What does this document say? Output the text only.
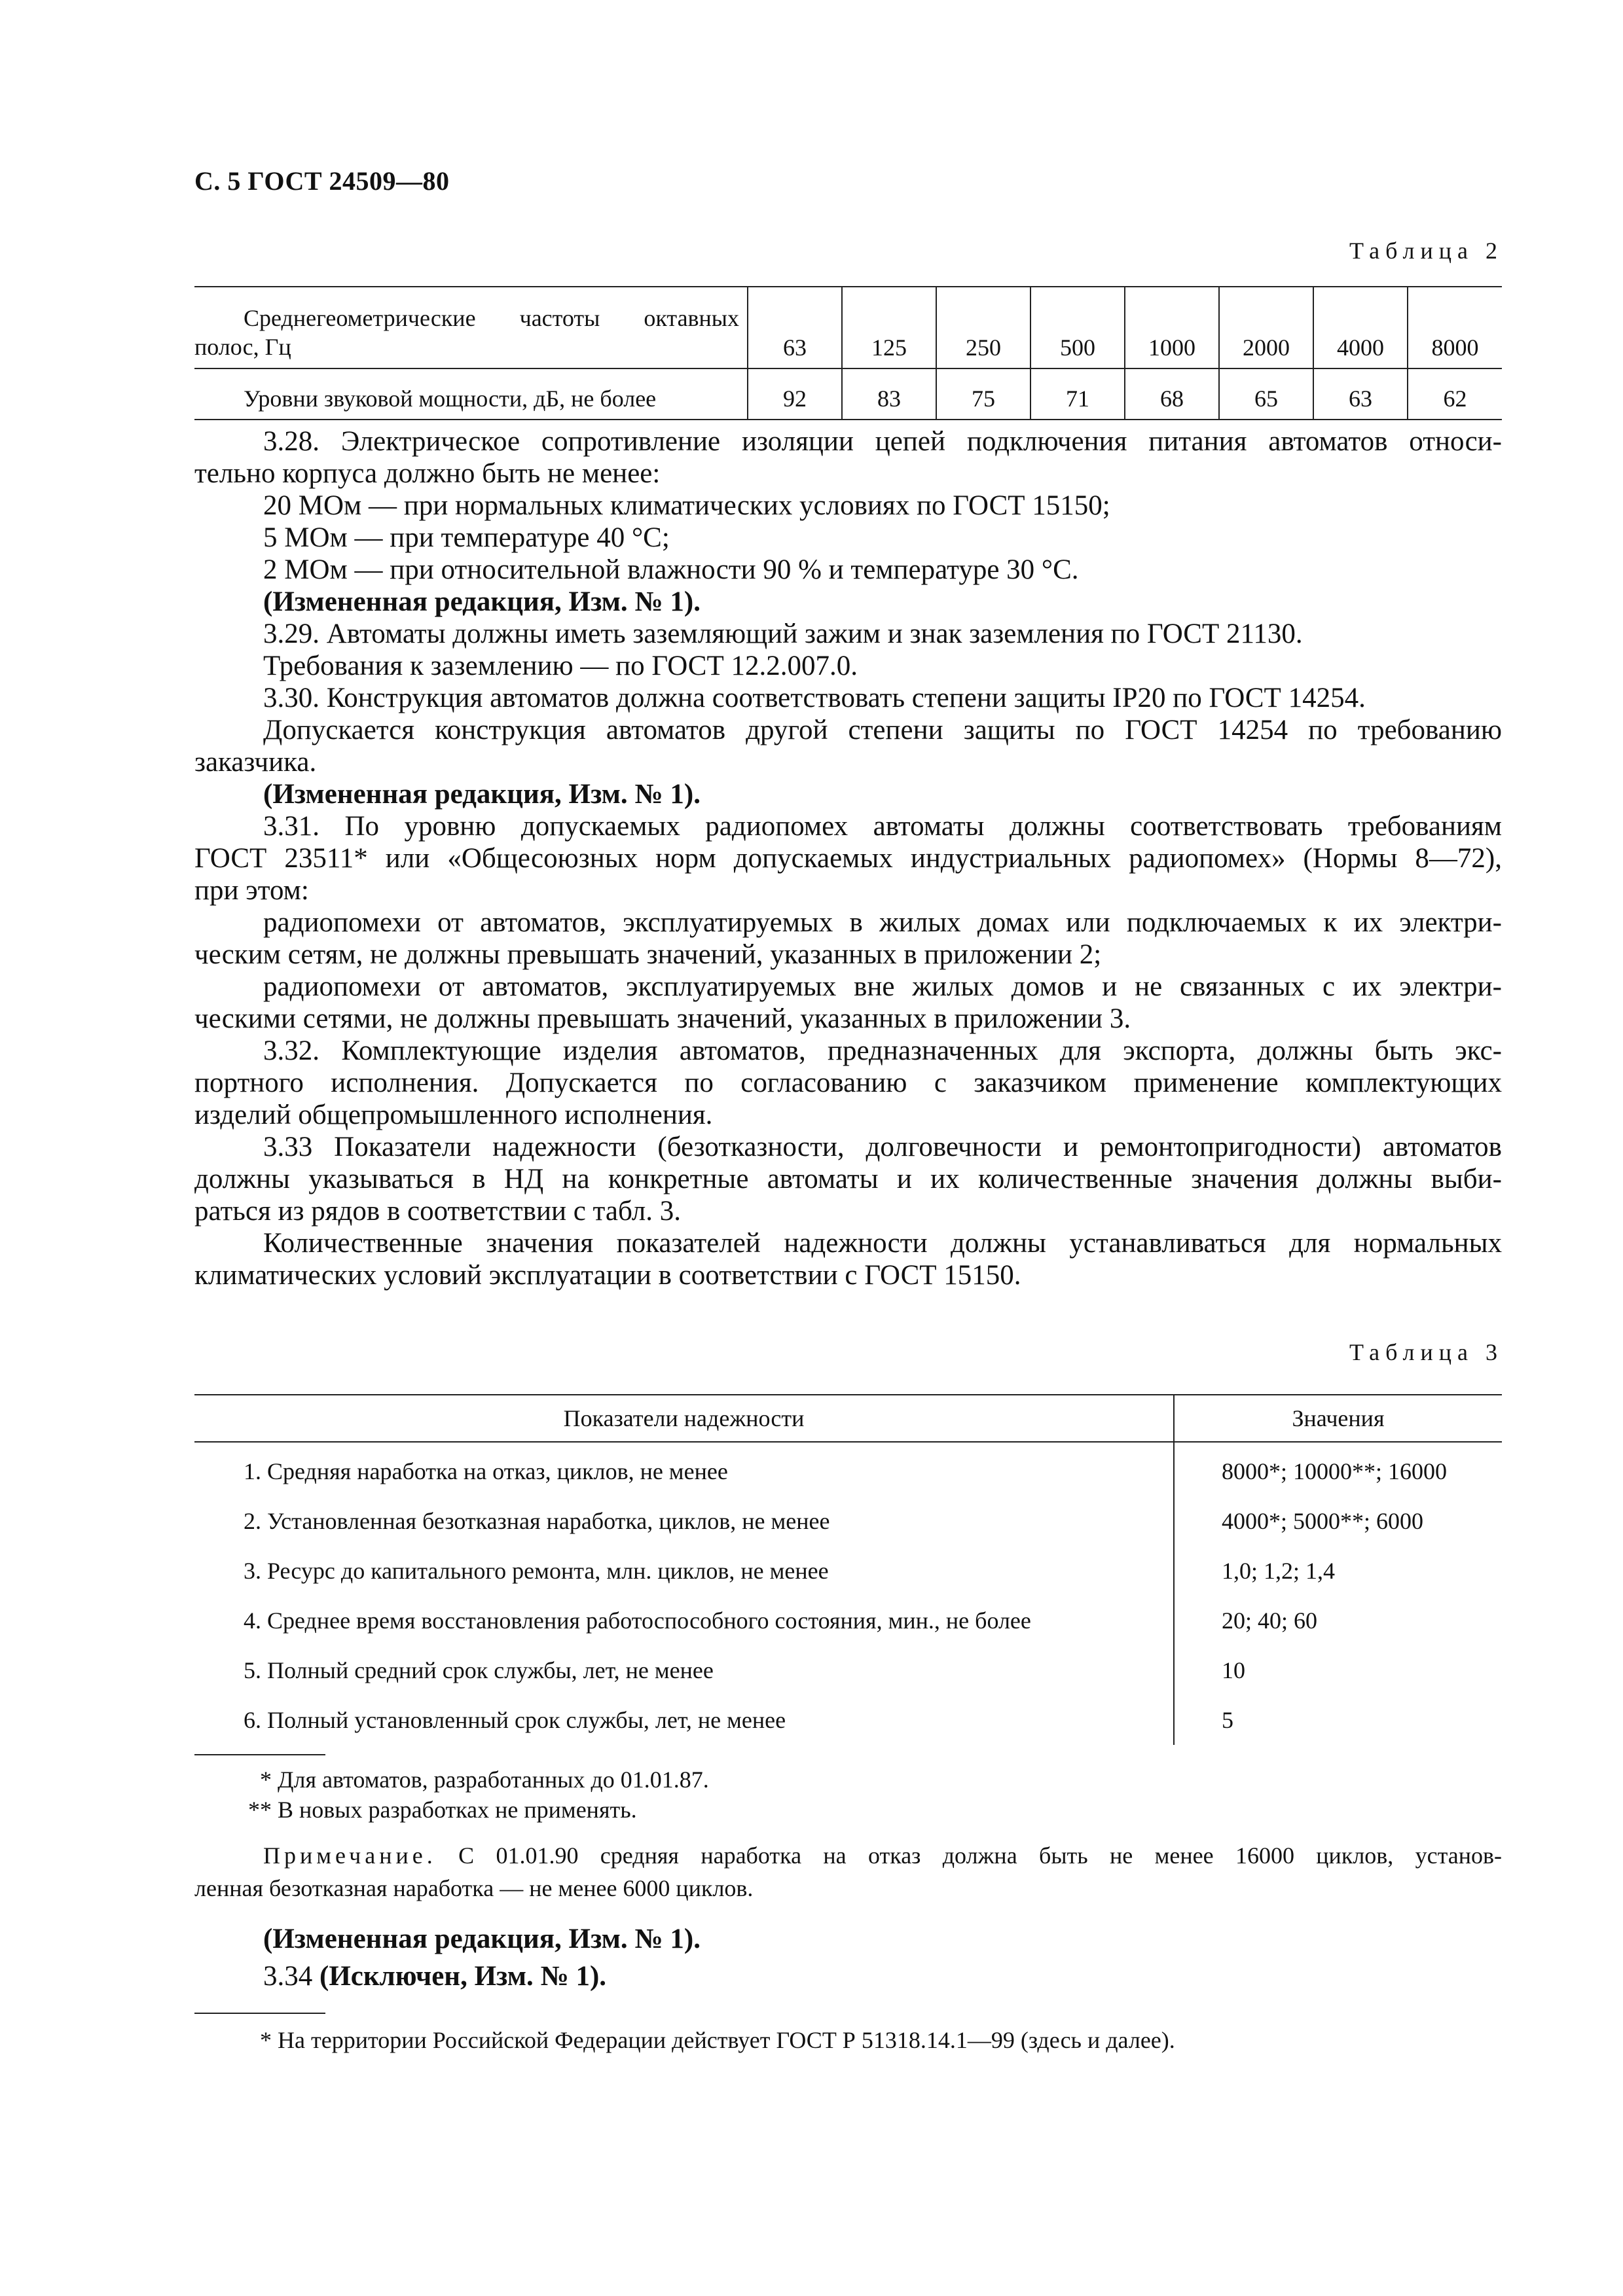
С. 5 ГОСТ 24509—80
Таблица 2
Среднегеометрические частоты октавных
полос, Гц	63	125	250	500	1000	2000	4000	8000
Уровни звуковой мощности, дБ, не более	92	83	75	71	68	65	63	62
3.28. Электрическое сопротивление изоляции цепей подключения питания автоматов относи-
тельно корпуса должно быть не менее:
20 МОм — при нормальных климатических условиях по ГОСТ 15150;
5 МОм — при температуре 40 °С;
2 МОм — при относительной влажности 90 % и температуре 30 °С.
(Измененная редакция, Изм. № 1).
3.29. Автоматы должны иметь заземляющий зажим и знак заземления по ГОСТ 21130.
Требования к заземлению — по ГОСТ 12.2.007.0.
3.30. Конструкция автоматов должна соответствовать степени защиты IP20 по ГОСТ 14254.
Допускается конструкция автоматов другой степени защиты по ГОСТ 14254 по требованию
заказчика.
(Измененная редакция, Изм. № 1).
3.31. По уровню допускаемых радиопомех автоматы должны соответствовать требованиям
ГОСТ 23511* или «Общесоюзных норм допускаемых индустриальных радиопомех» (Нормы 8—72),
при этом:
радиопомехи от автоматов, эксплуатируемых в жилых домах или подключаемых к их электри-
ческим сетям, не должны превышать значений, указанных в приложении 2;
радиопомехи от автоматов, эксплуатируемых вне жилых домов и не связанных с их электри-
ческими сетями, не должны превышать значений, указанных в приложении 3.
3.32. Комплектующие изделия автоматов, предназначенных для экспорта, должны быть экс-
портного исполнения. Допускается по согласованию с заказчиком применение комплектующих
изделий общепромышленного исполнения.
3.33 Показатели надежности (безотказности, долговечности и ремонтопригодности) автоматов
должны указываться в НД на конкретные автоматы и их количественные значения должны выби-
раться из рядов в соответствии с табл. 3.
Количественные значения показателей надежности должны устанавливаться для нормальных
климатических условий эксплуатации в соответствии с ГОСТ 15150.
Таблица 3
Показатели надежности	Значения
1. Средняя наработка на отказ, циклов, не менее	8000*; 10000**; 16000
2. Установленная безотказная наработка, циклов, не менее	4000*; 5000**; 6000
3. Ресурс до капитального ремонта, млн. циклов, не менее	1,0; 1,2; 1,4
4. Среднее время восстановления работоспособного состояния, мин., не более	20; 40; 60
5. Полный средний срок службы, лет, не менее	10
6. Полный установленный срок службы, лет, не менее	5
* Для автоматов, разработанных до 01.01.87.
** В новых разработках не применять.
Примечание. С 01.01.90 средняя наработка на отказ должна быть не менее 16000 циклов, установ-
ленная безотказная наработка — не менее 6000 циклов.
(Измененная редакция, Изм. № 1).
3.34 (Исключен, Изм. № 1).
* На территории Российской Федерации действует ГОСТ Р 51318.14.1—99 (здесь и далее).
